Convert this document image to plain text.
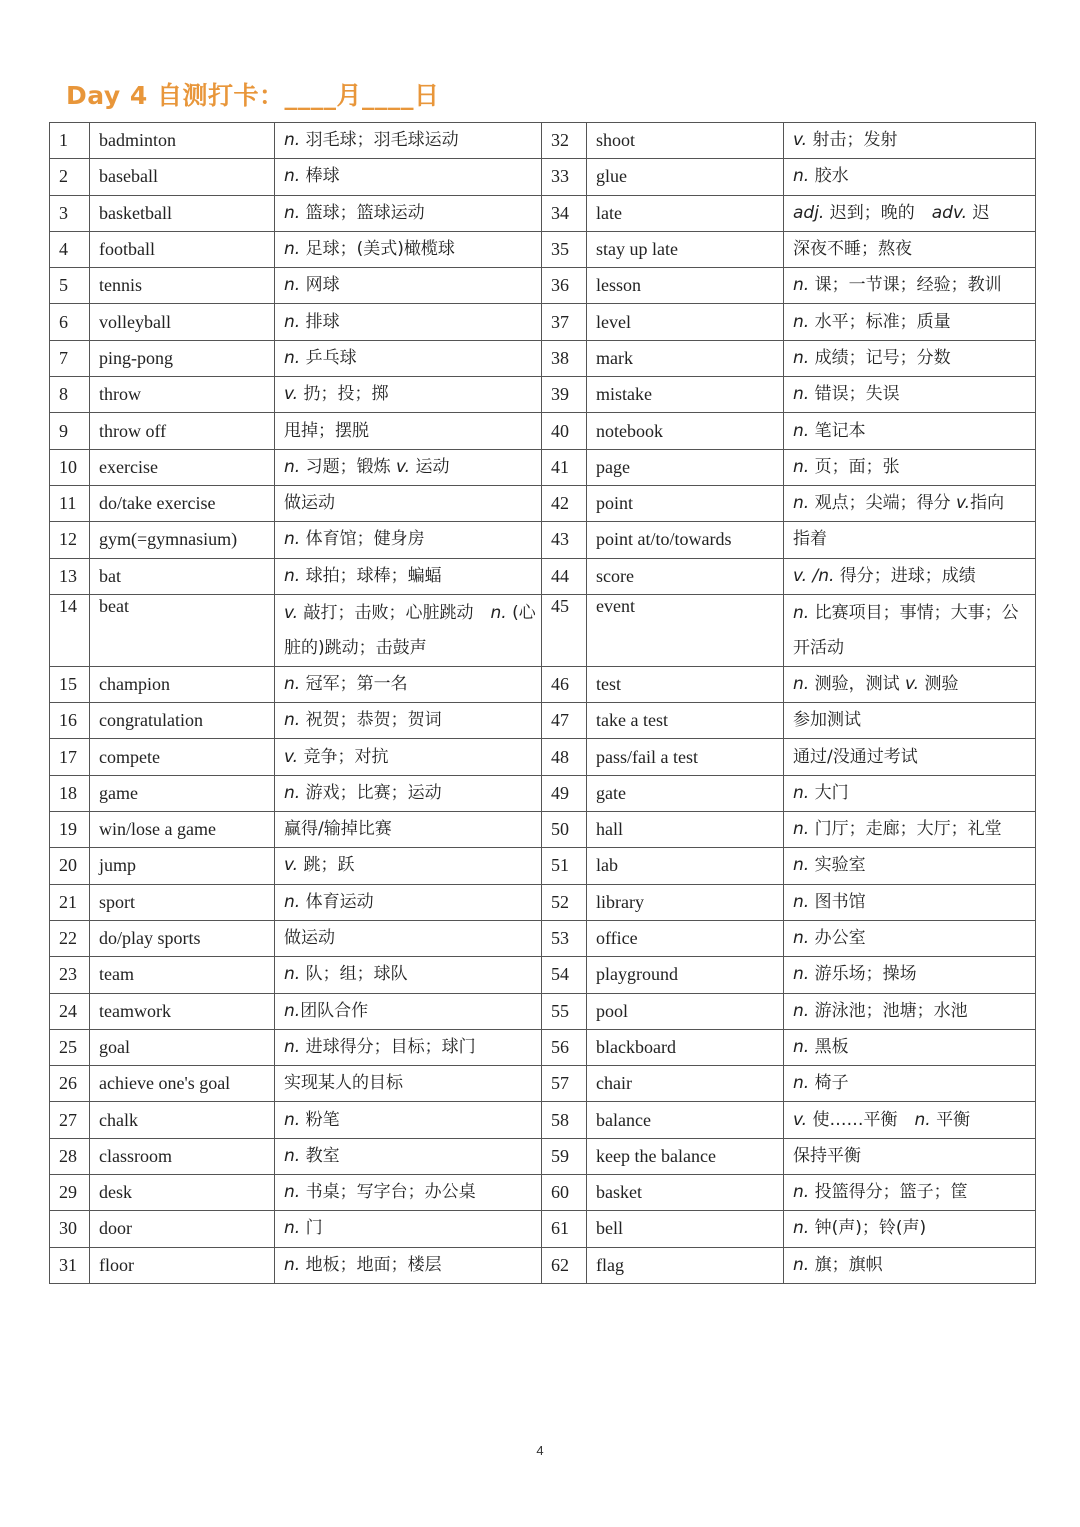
Day 4 自测打卡：____月____日
1	badminton	n. 羽毛球；羽毛球运动	32	shoot	v. 射击；发射
2	baseball	n. 棒球	33	glue	n. 胶水
3	basketball	n. 篮球；篮球运动	34	late	adj. 迟到；晚的　adv. 迟
4	football	n. 足球；(美式)橄榄球	35	stay up late	深夜不睡；熬夜
5	tennis	n. 网球	36	lesson	n. 课；一节课；经验；教训
6	volleyball	n. 排球	37	level	n. 水平；标准；质量
7	ping-pong	n. 乒乓球	38	mark	n. 成绩；记号；分数
8	throw	v. 扔；投；掷	39	mistake	n. 错误；失误
9	throw off	甩掉；摆脱	40	notebook	n. 笔记本
10	exercise	n. 习题；锻炼 v. 运动	41	page	n. 页；面；张
11	do/take exercise	做运动	42	point	n. 观点；尖端；得分 v.指向
12	gym(=gymnasium)	n. 体育馆；健身房	43	point at/to/towards	指着
13	bat	n. 球拍；球棒；蝙蝠	44	score	v. /n. 得分；进球；成绩
14	beat	v. 敲打；击败；心脏跳动　n. (心脏的)跳动；击鼓声	45	event	n. 比赛项目；事情；大事；公开活动
15	champion	n. 冠军；第一名	46	test	n. 测验，测试 v. 测验
16	congratulation	n. 祝贺；恭贺；贺词	47	take a test	参加测试
17	compete	v. 竞争；对抗	48	pass/fail a test	通过/没通过考试
18	game	n. 游戏；比赛；运动	49	gate	n. 大门
19	win/lose a game	赢得/输掉比赛	50	hall	n. 门厅；走廊；大厅；礼堂
20	jump	v. 跳；跃	51	lab	n. 实验室
21	sport	n. 体育运动	52	library	n. 图书馆
22	do/play sports	做运动	53	office	n. 办公室
23	team	n. 队；组；球队	54	playground	n. 游乐场；操场
24	teamwork	n.团队合作	55	pool	n. 游泳池；池塘；水池
25	goal	n. 进球得分；目标；球门	56	blackboard	n. 黑板
26	achieve one's goal	实现某人的目标	57	chair	n. 椅子
27	chalk	n. 粉笔	58	balance	v. 使……平衡　n. 平衡
28	classroom	n. 教室	59	keep the balance	保持平衡
29	desk	n. 书桌；写字台；办公桌	60	basket	n. 投篮得分；篮子；筐
30	door	n. 门	61	bell	n. 钟(声)；铃(声)
31	floor	n. 地板；地面；楼层	62	flag	n. 旗；旗帜
4
